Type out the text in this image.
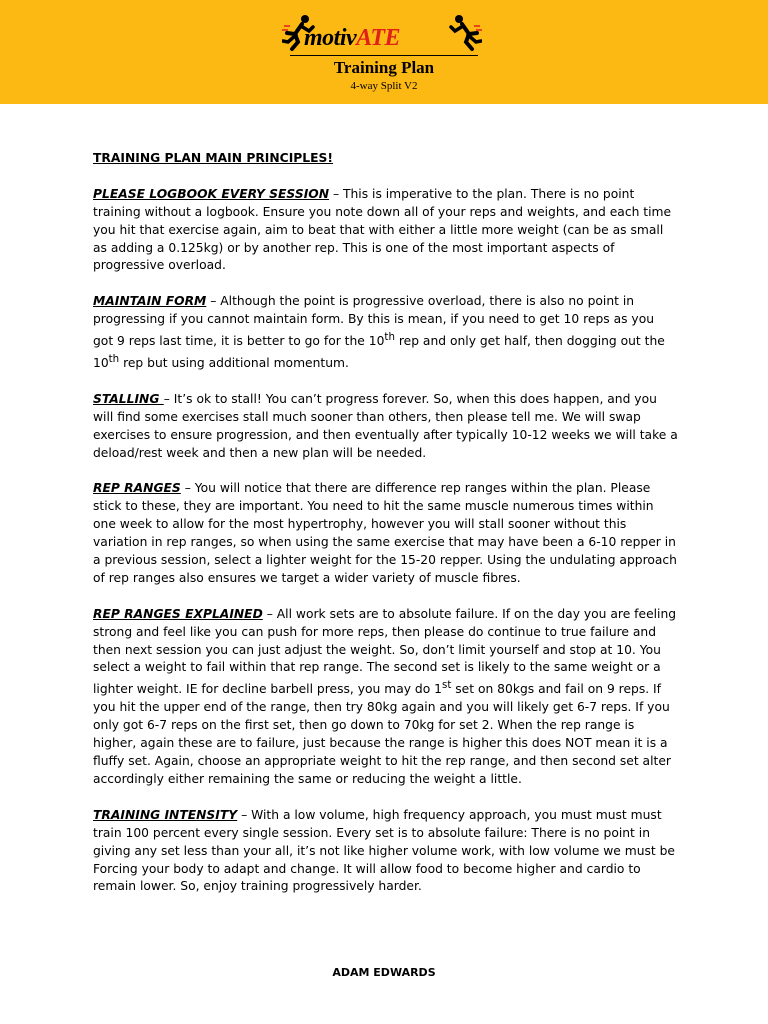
motivATE
Training Plan
4-way Split V2

TRAINING PLAN MAIN PRINCIPLES!

PLEASE LOGBOOK EVERY SESSION – This is imperative to the plan. There is no point training without a logbook. Ensure you note down all of your reps and weights, and each time you hit that exercise again, aim to beat that with either a little more weight (can be as small as adding a 0.125kg) or by another rep. This is one of the most important aspects of progressive overload.

MAINTAIN FORM – Although the point is progressive overload, there is also no point in progressing if you cannot maintain form. By this is mean, if you need to get 10 reps as you got 9 reps last time, it is better to go for the 10th rep and only get half, then dogging out the 10th rep but using additional momentum.

STALLING – It’s ok to stall! You can’t progress forever. So, when this does happen, and you will find some exercises stall much sooner than others, then please tell me. We will swap exercises to ensure progression, and then eventually after typically 10-12 weeks we will take a deload/rest week and then a new plan will be needed.

REP RANGES – You will notice that there are difference rep ranges within the plan. Please stick to these, they are important. You need to hit the same muscle numerous times within one week to allow for the most hypertrophy, however you will stall sooner without this variation in rep ranges, so when using the same exercise that may have been a 6-10 repper in a previous session, select a lighter weight for the 15-20 repper. Using the undulating approach of rep ranges also ensures we target a wider variety of muscle fibres.

REP RANGES EXPLAINED – All work sets are to absolute failure. If on the day you are feeling strong and feel like you can push for more reps, then please do continue to true failure and then next session you can just adjust the weight. So, don’t limit yourself and stop at 10. You select a weight to fail within that rep range. The second set is likely to the same weight or a lighter weight. IE for decline barbell press, you may do 1st set on 80kgs and fail on 9 reps. If you hit the upper end of the range, then try 80kg again and you will likely get 6-7 reps. If you only got 6-7 reps on the first set, then go down to 70kg for set 2. When the rep range is higher, again these are to failure, just because the range is higher this does NOT mean it is a fluffy set. Again, choose an appropriate weight to hit the rep range, and then second set alter accordingly either remaining the same or reducing the weight a little.

TRAINING INTENSITY – With a low volume, high frequency approach, you must must must train 100 percent every single session. Every set is to absolute failure: There is no point in giving any set less than your all, it’s not like higher volume work, with low volume we must be Forcing your body to adapt and change. It will allow food to become higher and cardio to remain lower. So, enjoy training progressively harder.

ADAM EDWARDS
